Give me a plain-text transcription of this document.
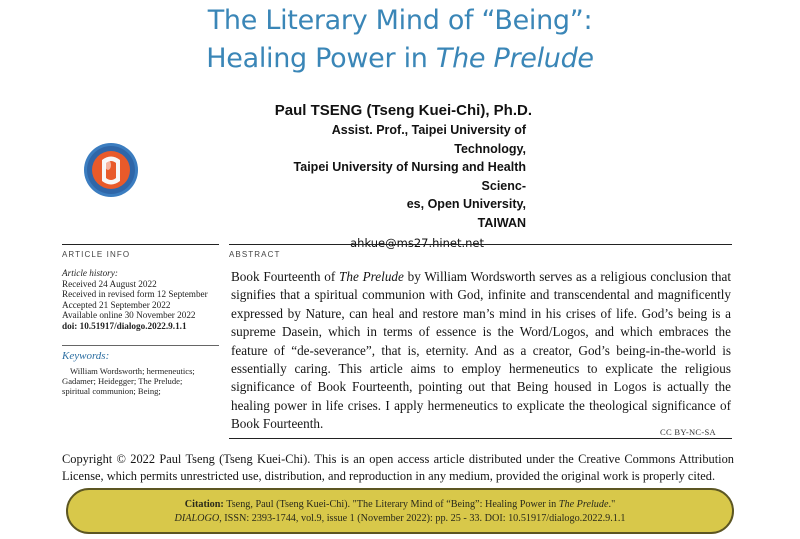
The Literary Mind of “Being”:
Healing Power in The Prelude
Paul TSENG (Tseng Kuei-Chi), Ph.D.
Assist. Prof., Taipei University of Technology,
Taipei University of Nursing and Health Scienc-
es, Open University,
TAIWAN
ahkue@ms27.hinet.net
ARTICLE INFO	ABSTRACT
Article history:
Received 24 August 2022
Received in revised form 12 September
Accepted 21 September 2022
Available online 30 November 2022
doi: 10.51917/dialogo.2022.9.1.1
Keywords:
William Wordsworth; hermeneutics;
Gadamer; Heidegger; The Prelude;
spiritual communion; Being;
Book Fourteenth of The Prelude by William Wordsworth serves as a religious conclusion that signifies that a spiritual communion with God, infinite and transcendental and magnificently expressed by Nature, can heal and restore man’s mind in his crises of life. God’s being is a supreme Dasein, which in terms of essence is the Word/Logos, and which embraces the feature of “de-severance”, that is, eternity. And as a creator, God’s being-in-the-world is essentially caring. This article aims to employ hermeneutics to explicate the religious significance of Book Fourteenth, pointing out that Being housed in Logos is actually the healing power in life crises. I apply hermeneutics to explicate the theological significance of Book Fourteenth.
CC BY-NC-SA
Copyright © 2022 Paul Tseng (Tseng Kuei-Chi). This is an open access article distributed under the Creative Commons Attribution License, which permits unrestricted use, distribution, and reproduction in any medium, provided the original work is properly cited.
Citation: Tseng, Paul (Tseng Kuei-Chi). "The Literary Mind of “Being”: Healing Power in The Prelude."
DIALOGO, ISSN: 2393-1744, vol.9, issue 1 (November 2022): pp. 25 - 33. DOI: 10.51917/dialogo.2022.9.1.1
